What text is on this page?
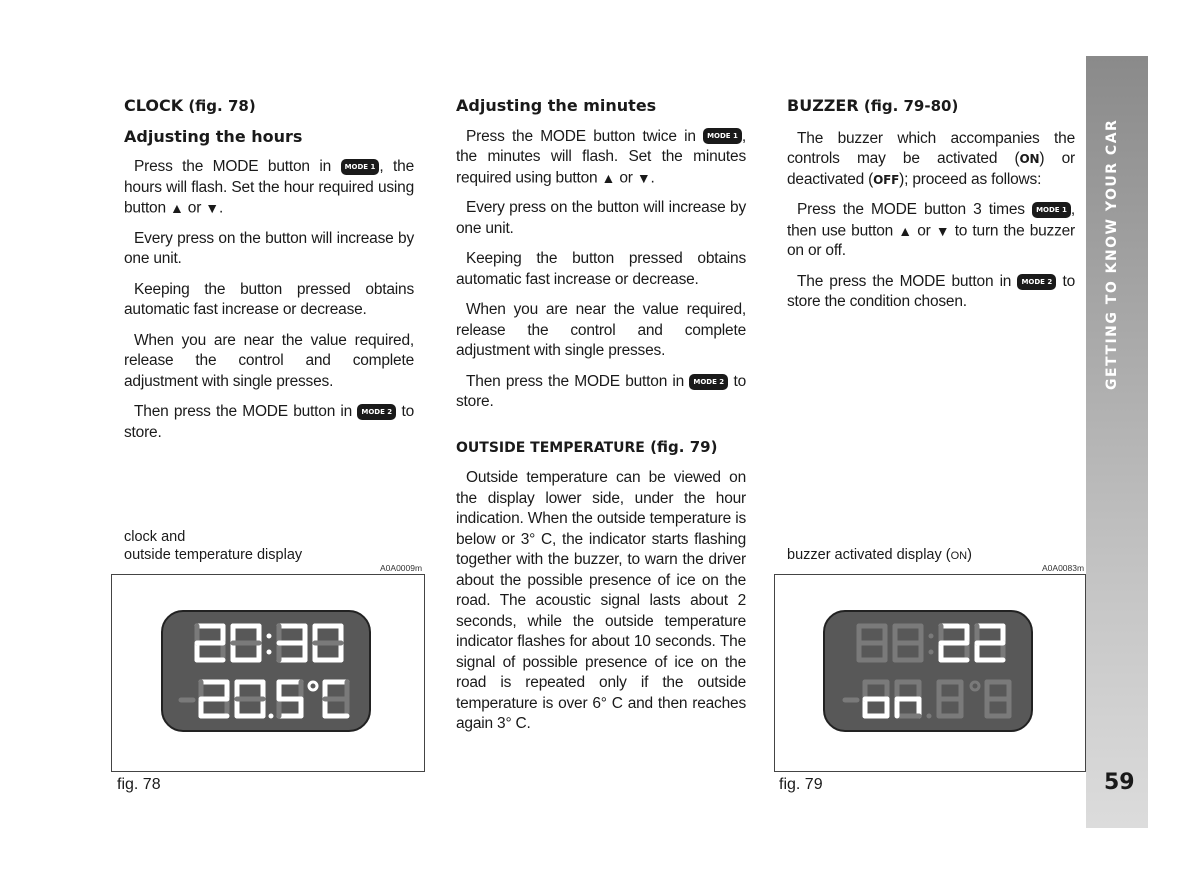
CLOCK (fig. 78)
Adjusting the hours
Press the MODE button in MODE 1 , the hours will flash. Set the hour required using button ▲ or ▼.
Every press on the button will increase by one unit.
Keeping the button pressed obtains automatic fast increase or decrease.
When you are near the value required, release the control and complete adjustment with single presses.
Then press the MODE button in MODE 2 to store.
Adjusting the minutes
Press the MODE button twice in MODE 1 , the minutes will flash. Set the minutes required using button ▲ or ▼.
Every press on the button will increase by one unit.
Keeping the button pressed obtains automatic fast increase or decrease.
When you are near the value required, release the control and complete adjustment with single presses.
Then press the MODE button in MODE 2 to store.
OUTSIDE TEMPERATURE (fig. 79)
Outside temperature can be viewed on the display lower side, under the hour indication. When the outside temperature is below or 3° C, the indicator starts flashing together with the buzzer, to warn the driver about the possible presence of ice on the road. The acoustic signal lasts about 2 seconds, while the outside temperature indicator flashes for about 10 seconds. The signal of possible presence of ice on the road is repeated only if the outside temperature is over 6° C and then reaches again 3° C.
BUZZER (fig. 79-80)
The buzzer which accompanies the controls may be activated (ON) or deactivated (OFF); proceed as follows:
Press the MODE button 3 times MODE 1 , then use button ▲ or ▼ to turn the buzzer on or off.
The press the MODE button in MODE 2 to store the condition chosen.
clock and
outside temperature display
A0A0009m
fig. 78
buzzer activated display (ON)
A0A0083m
fig. 79
GETTING TO KNOW YOUR CAR
59
